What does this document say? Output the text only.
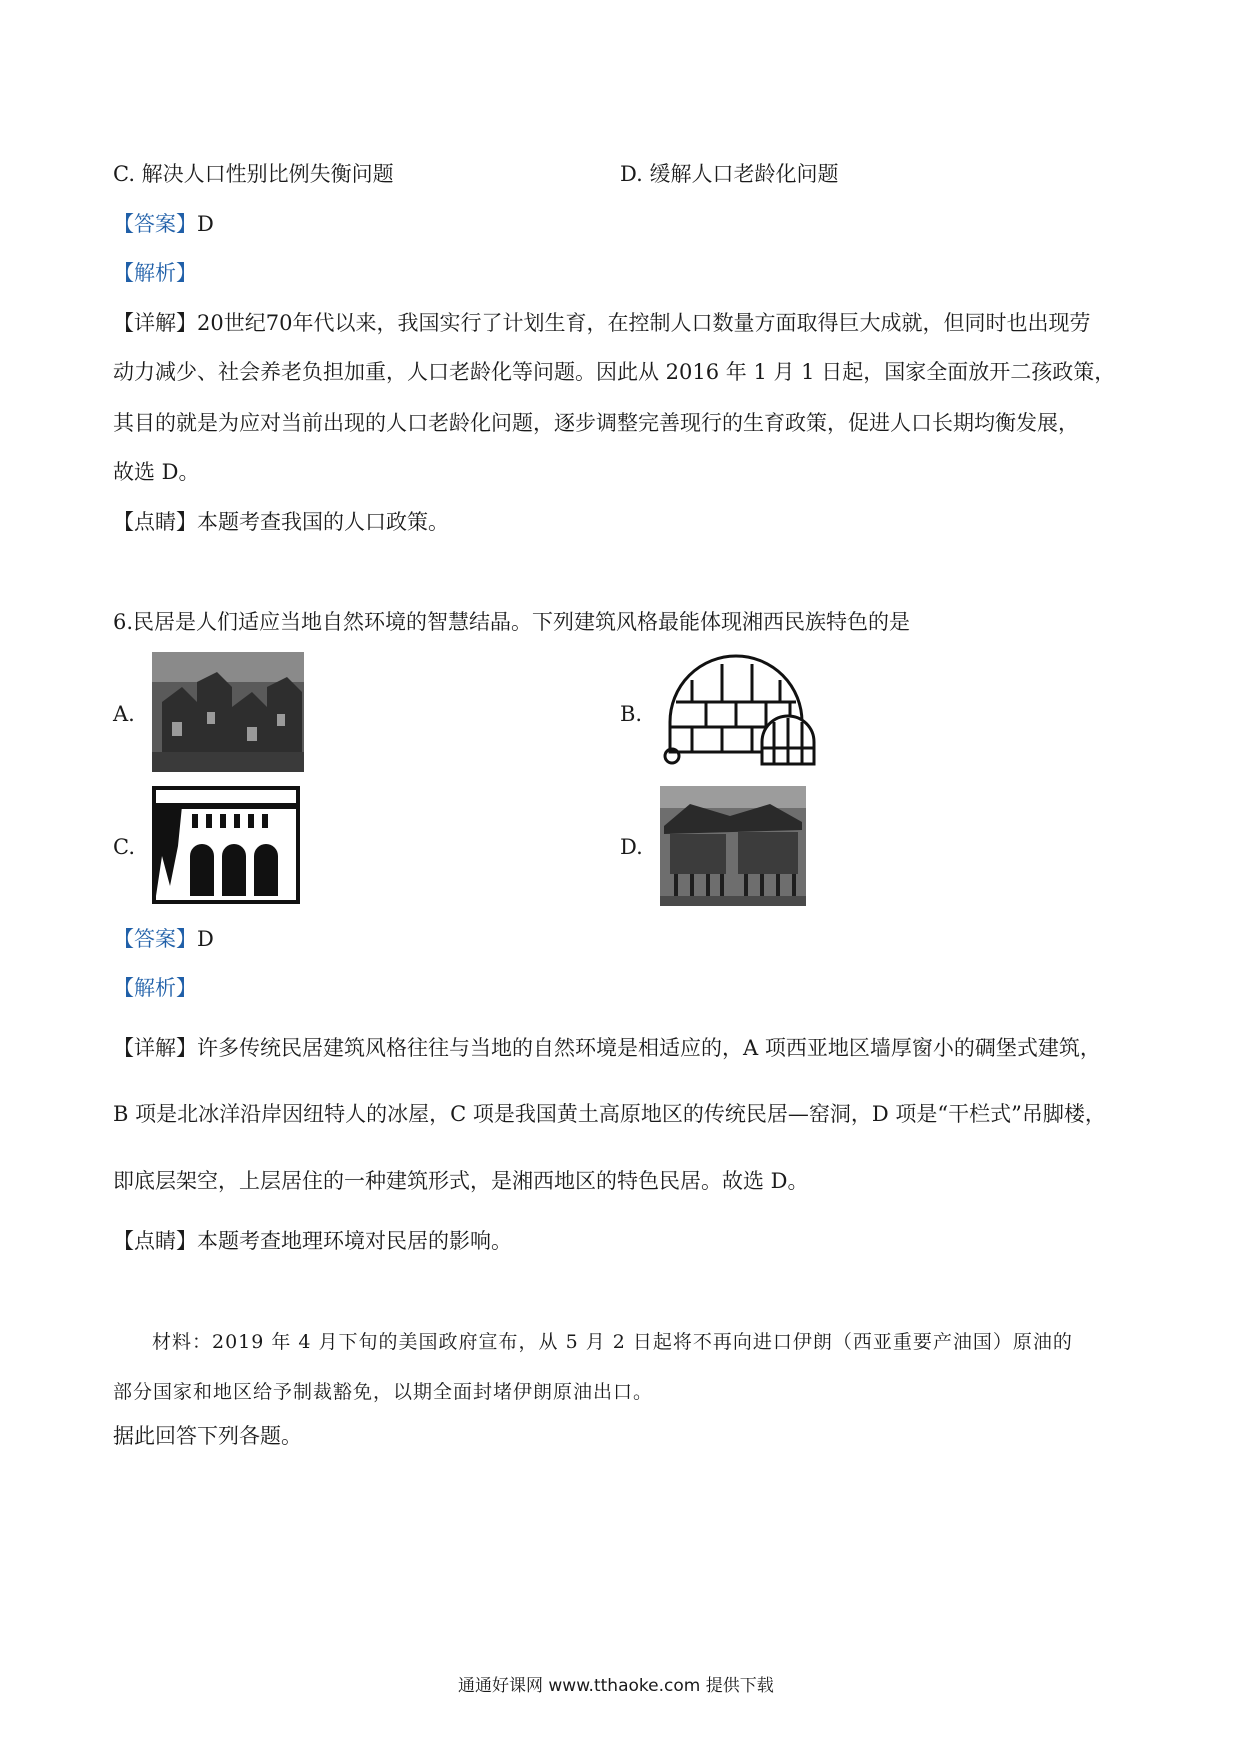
C. 解决人口性别比例失衡问题	D. 缓解人口老龄化问题
【答案】D
【解析】
【详解】20世纪70年代以来，我国实行了计划生育，在控制人口数量方面取得巨大成就，但同时也出现劳
动力减少、社会养老负担加重，人口老龄化等问题。因此从 2016 年 1 月 1 日起，国家全面放开二孩政策，
其目的就是为应对当前出现的人口老龄化问题，逐步调整完善现行的生育政策，促进人口长期均衡发展，
故选 D。
【点睛】本题考查我国的人口政策。
6.民居是人们适应当地自然环境的智慧结晶。下列建筑风格最能体现湘西民族特色的是
A.	B.
C.	D.
【答案】D
【解析】
【详解】许多传统民居建筑风格往往与当地的自然环境是相适应的，A 项西亚地区墙厚窗小的碉堡式建筑，
B 项是北冰洋沿岸因纽特人的冰屋，C 项是我国黄土高原地区的传统民居—窑洞，D 项是“干栏式”吊脚楼，
即底层架空，上层居住的一种建筑形式，是湘西地区的特色民居。故选 D。
【点睛】本题考查地理环境对民居的影响。
材料：2019 年 4 月下旬的美国政府宣布，从 5 月 2 日起将不再向进口伊朗（西亚重要产油国）原油的
部分国家和地区给予制裁豁免，以期全面封堵伊朗原油出口。
据此回答下列各题。
通通好课网 www.tthaoke.com 提供下载
